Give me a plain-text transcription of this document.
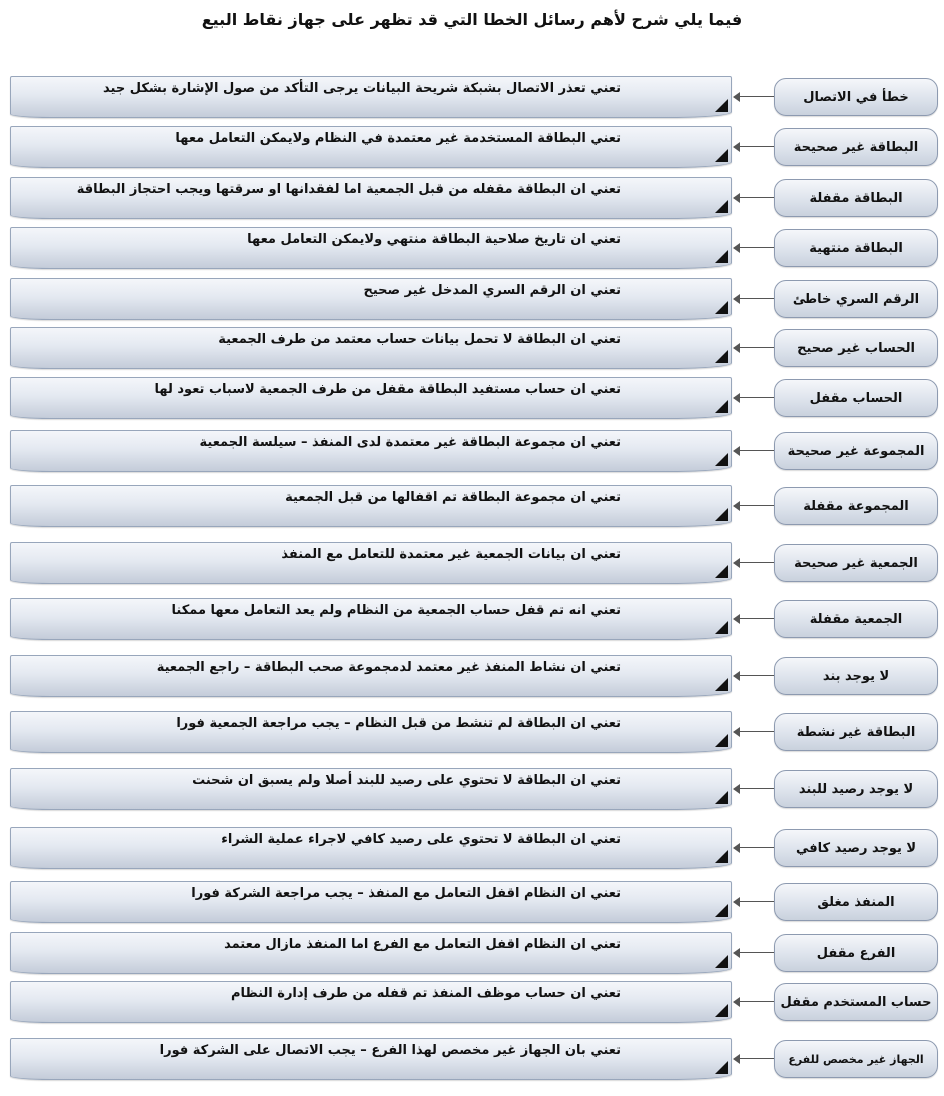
فيما يلي شرح لأهم رسائل الخطا التي قد تظهر على جهاز نقاط البيع
تعني تعذر الاتصال بشبكة شريحة البيانات يرجى التأكد من صول الإشارة بشكل جيد
خطأ في الاتصال
تعني البطاقة المستخدمة غير معتمدة في النظام ولايمكن التعامل معها
البطاقة غير صحيحة
تعني ان البطاقة مقفله من قبل الجمعية اما لفقدانها او سرقتها ويجب احتجاز البطاقة
البطاقة مقفلة
تعني ان تاريخ صلاحية البطاقة منتهي ولايمكن التعامل معها
البطاقة منتهية
تعني ان الرقم السري المدخل غير صحيح
الرقم السري خاطئ
تعني ان البطاقة لا تحمل بيانات حساب معتمد من طرف الجمعية
الحساب غير صحيح
تعني ان حساب مستفيد البطاقة مقفل من طرف الجمعية لاسباب تعود لها
الحساب مقفل
تعني ان مجموعة البطاقة غير معتمدة لدى المنفذ – سيلسة الجمعية
المجموعة غير صحيحة
تعني ان مجموعة البطاقة تم اقفالها من قبل الجمعية
المجموعة مقفلة
تعني ان بيانات الجمعية غير معتمدة للتعامل مع المنفذ
الجمعية غير صحيحة
تعني انه تم قفل حساب الجمعية من النظام ولم يعد التعامل معها ممكنا
الجمعية مقفلة
تعني ان نشاط المنفذ غير معتمد لدمجموعة صحب البطاقة – راجع الجمعية
لا يوجد بند
تعني ان البطاقة لم تنشط من قبل النظام – يجب مراجعة الجمعية فورا
البطاقة غير نشطة
تعني ان البطاقة لا تحتوي على رصيد للبند أصلا ولم يسبق ان شحنت
لا يوجد رصيد للبند
تعني ان البطاقة لا تحتوي على رصيد كافي لاجراء عملية الشراء
لا يوجد رصيد كافي
تعني ان النظام اقفل التعامل مع المنفذ – يجب مراجعة الشركة فورا
المنفذ مغلق
تعني ان النظام اقفل التعامل مع الفرع اما المنفذ مازال معتمد
الفرع مقفل
تعني ان حساب موظف المنفذ تم قفله من طرف إدارة النظام
حساب المستخدم مقفل
تعني بان الجهاز غير مخصص لهذا الفرع – يجب الاتصال على الشركة فورا
الجهاز غير مخصص للفرع
